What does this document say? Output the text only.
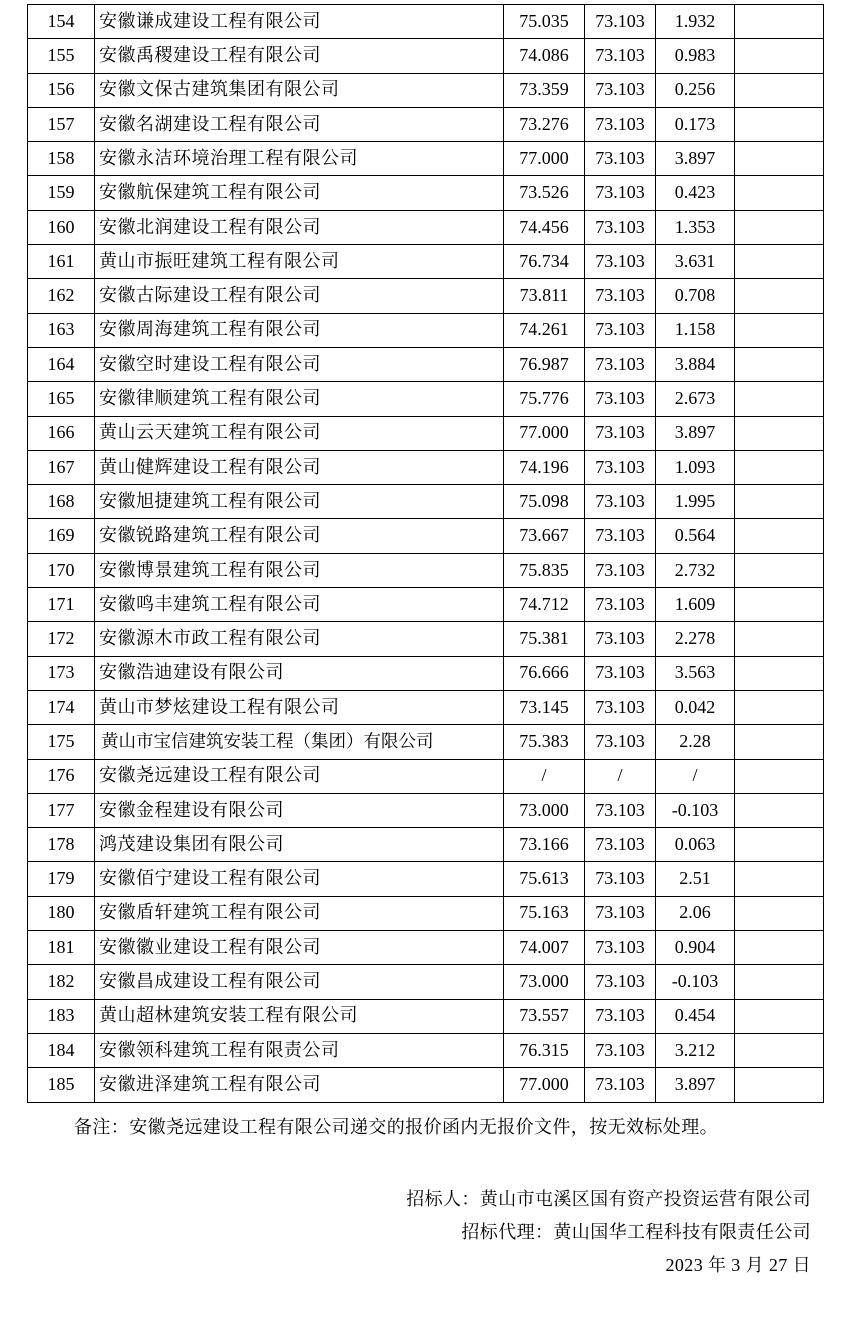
154	安徽谦成建设工程有限公司	75.035	73.103	1.932	
155	安徽禹稷建设工程有限公司	74.086	73.103	0.983	
156	安徽文保古建筑集团有限公司	73.359	73.103	0.256	
157	安徽名湖建设工程有限公司	73.276	73.103	0.173	
158	安徽永洁环境治理工程有限公司	77.000	73.103	3.897	
159	安徽航保建筑工程有限公司	73.526	73.103	0.423	
160	安徽北润建设工程有限公司	74.456	73.103	1.353	
161	黄山市振旺建筑工程有限公司	76.734	73.103	3.631	
162	安徽古际建设工程有限公司	73.811	73.103	0.708	
163	安徽周海建筑工程有限公司	74.261	73.103	1.158	
164	安徽空时建设工程有限公司	76.987	73.103	3.884	
165	安徽律顺建筑工程有限公司	75.776	73.103	2.673	
166	黄山云天建筑工程有限公司	77.000	73.103	3.897	
167	黄山健辉建设工程有限公司	74.196	73.103	1.093	
168	安徽旭捷建筑工程有限公司	75.098	73.103	1.995	
169	安徽锐路建筑工程有限公司	73.667	73.103	0.564	
170	安徽博景建筑工程有限公司	75.835	73.103	2.732	
171	安徽鸣丰建筑工程有限公司	74.712	73.103	1.609	
172	安徽源木市政工程有限公司	75.381	73.103	2.278	
173	安徽浩迪建设有限公司	76.666	73.103	3.563	
174	黄山市梦炫建设工程有限公司	73.145	73.103	0.042	
175	黄山市宝信建筑安装工程（集团）有限公司	75.383	73.103	2.28	
176	安徽尧远建设工程有限公司	/	/	/	
177	安徽金程建设有限公司	73.000	73.103	-0.103	
178	鸿茂建设集团有限公司	73.166	73.103	0.063	
179	安徽佰宁建设工程有限公司	75.613	73.103	2.51	
180	安徽盾轩建筑工程有限公司	75.163	73.103	2.06	
181	安徽徽业建设工程有限公司	74.007	73.103	0.904	
182	安徽昌成建设工程有限公司	73.000	73.103	-0.103	
183	黄山超林建筑安装工程有限公司	73.557	73.103	0.454	
184	安徽领科建筑工程有限责公司	76.315	73.103	3.212	
185	安徽进泽建筑工程有限公司	77.000	73.103	3.897	
备注：安徽尧远建设工程有限公司递交的报价函内无报价文件，按无效标处理。
招标人：黄山市屯溪区国有资产投资运营有限公司
招标代理：黄山国华工程科技有限责任公司
2023 年 3 月 27 日
